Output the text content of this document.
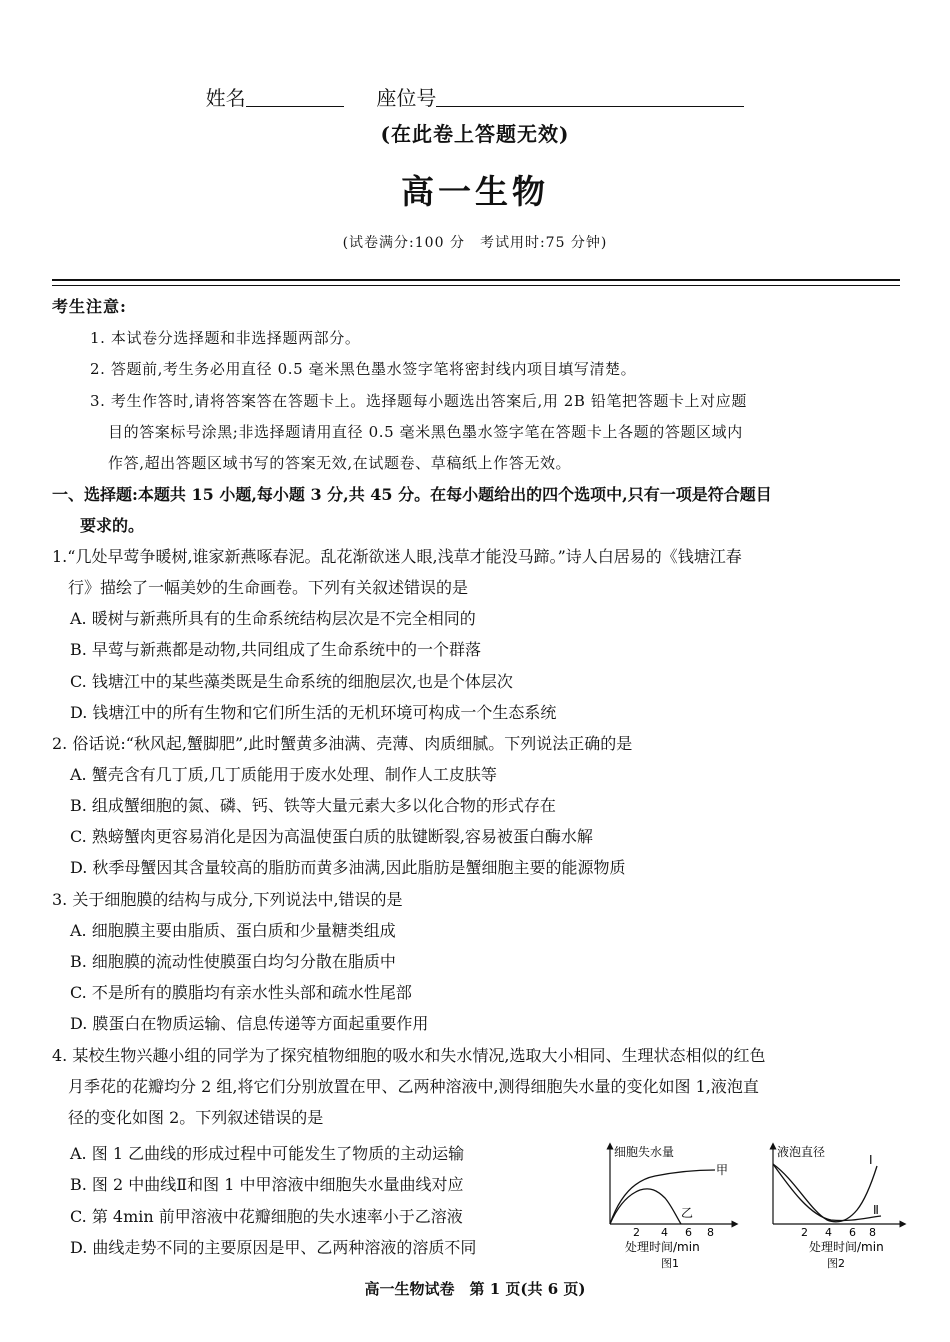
姓名	座位号
(在此卷上答题无效)
高一生物
(试卷满分:100 分　考试用时:75 分钟)
考生注意:
1. 本试卷分选择题和非选择题两部分。
2. 答题前,考生务必用直径 0.5 毫米黑色墨水签字笔将密封线内项目填写清楚。
3. 考生作答时,请将答案答在答题卡上。选择题每小题选出答案后,用 2B 铅笔把答题卡上对应题
目的答案标号涂黑;非选择题请用直径 0.5 毫米黑色墨水签字笔在答题卡上各题的答题区域内
作答,超出答题区域书写的答案无效,在试题卷、草稿纸上作答无效。
一、选择题:本题共 15 小题,每小题 3 分,共 45 分。在每小题给出的四个选项中,只有一项是符合题目
要求的。
1.“几处早莺争暖树,谁家新燕啄春泥。乱花渐欲迷人眼,浅草才能没马蹄。”诗人白居易的《钱塘江春
行》描绘了一幅美妙的生命画卷。下列有关叙述错误的是
A. 暖树与新燕所具有的生命系统结构层次是不完全相同的
B. 早莺与新燕都是动物,共同组成了生命系统中的一个群落
C. 钱塘江中的某些藻类既是生命系统的细胞层次,也是个体层次
D. 钱塘江中的所有生物和它们所生活的无机环境可构成一个生态系统
2. 俗话说:“秋风起,蟹脚肥”,此时蟹黄多油满、壳薄、肉质细腻。下列说法正确的是
A. 蟹壳含有几丁质,几丁质能用于废水处理、制作人工皮肤等
B. 组成蟹细胞的氮、磷、钙、铁等大量元素大多以化合物的形式存在
C. 熟螃蟹肉更容易消化是因为高温使蛋白质的肽键断裂,容易被蛋白酶水解
D. 秋季母蟹因其含量较高的脂肪而黄多油满,因此脂肪是蟹细胞主要的能源物质
3. 关于细胞膜的结构与成分,下列说法中,错误的是
A. 细胞膜主要由脂质、蛋白质和少量糖类组成
B. 细胞膜的流动性使膜蛋白均匀分散在脂质中
C. 不是所有的膜脂均有亲水性头部和疏水性尾部
D. 膜蛋白在物质运输、信息传递等方面起重要作用
4. 某校生物兴趣小组的同学为了探究植物细胞的吸水和失水情况,选取大小相同、生理状态相似的红色
月季花的花瓣均分 2 组,将它们分别放置在甲、乙两种溶液中,测得细胞失水量的变化如图 1,液泡直
径的变化如图 2。下列叙述错误的是
A. 图 1 乙曲线的形成过程中可能发生了物质的主动运输
B. 图 2 中曲线Ⅱ和图 1 中甲溶液中细胞失水量曲线对应
C. 第 4min 前甲溶液中花瓣细胞的失水速率小于乙溶液
D. 曲线走势不同的主要原因是甲、乙两种溶液的溶质不同
细胞失水量
甲
乙
2 4 6 8
处理时间/min
图1
液泡直径
Ⅰ
Ⅱ
2 4 6 8
处理时间/min
图2
高一生物试卷　第 1 页(共 6 页)
